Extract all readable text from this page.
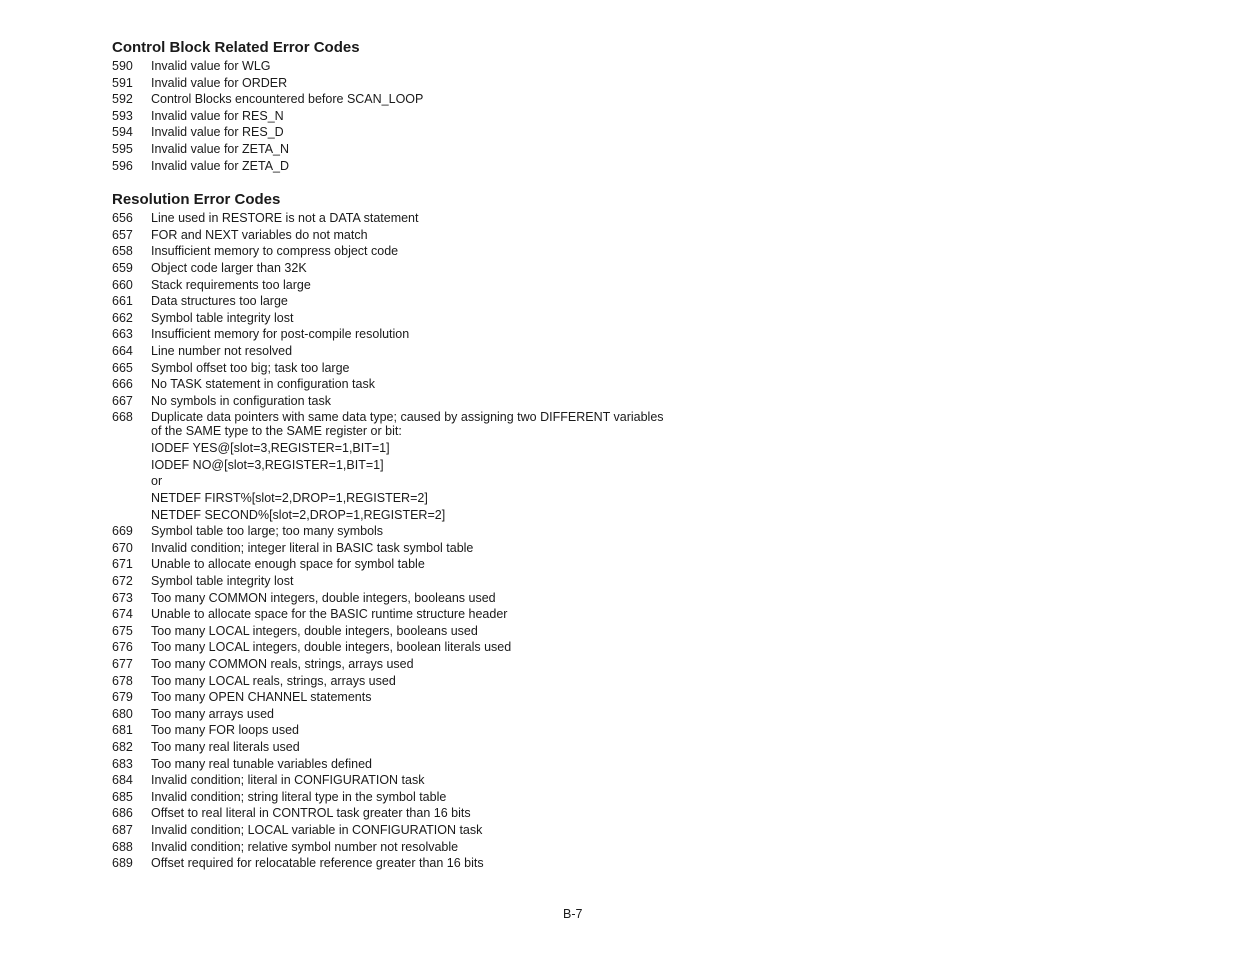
Control Block Related Error Codes
590	Invalid value for WLG
591	Invalid value for ORDER
592	Control Blocks encountered before SCAN_LOOP
593	Invalid value for RES_N
594	Invalid value for RES_D
595	Invalid value for ZETA_N
596	Invalid value for ZETA_D
Resolution Error Codes
656	Line used in RESTORE is not a DATA statement
657	FOR and NEXT variables do not match
658	Insufficient memory to compress object code
659	Object code larger than 32K
660	Stack requirements too large
661	Data structures too large
662	Symbol table integrity lost
663	Insufficient memory for post-compile resolution
664	Line number not resolved
665	Symbol offset too big; task too large
666	No TASK statement in configuration task
667	No symbols in configuration task
668	Duplicate data pointers with same data type; caused by assigning two DIFFERENT variables of the SAME type to the SAME register or bit:
IODEF YES@[slot=3,REGISTER=1,BIT=1]
IODEF NO@[slot=3,REGISTER=1,BIT=1]
or
NETDEF FIRST%[slot=2,DROP=1,REGISTER=2]
NETDEF SECOND%[slot=2,DROP=1,REGISTER=2]
669	Symbol table too large; too many symbols
670	Invalid condition; integer literal in BASIC task symbol table
671	Unable to allocate enough space for symbol table
672	Symbol table integrity lost
673	Too many COMMON integers, double integers, booleans used
674	Unable to allocate space for the BASIC runtime structure header
675	Too many LOCAL integers, double integers, booleans used
676	Too many LOCAL integers, double integers, boolean literals used
677	Too many COMMON reals, strings, arrays used
678	Too many LOCAL reals, strings, arrays used
679	Too many OPEN CHANNEL statements
680	Too many arrays used
681	Too many FOR loops used
682	Too many real literals used
683	Too many real tunable variables defined
684	Invalid condition; literal in CONFIGURATION task
685	Invalid condition; string literal type in the symbol table
686	Offset to real literal in CONTROL task greater than 16 bits
687	Invalid condition; LOCAL variable in CONFIGURATION task
688	Invalid condition; relative symbol number not resolvable
689	Offset required for relocatable reference greater than 16 bits
B-7
